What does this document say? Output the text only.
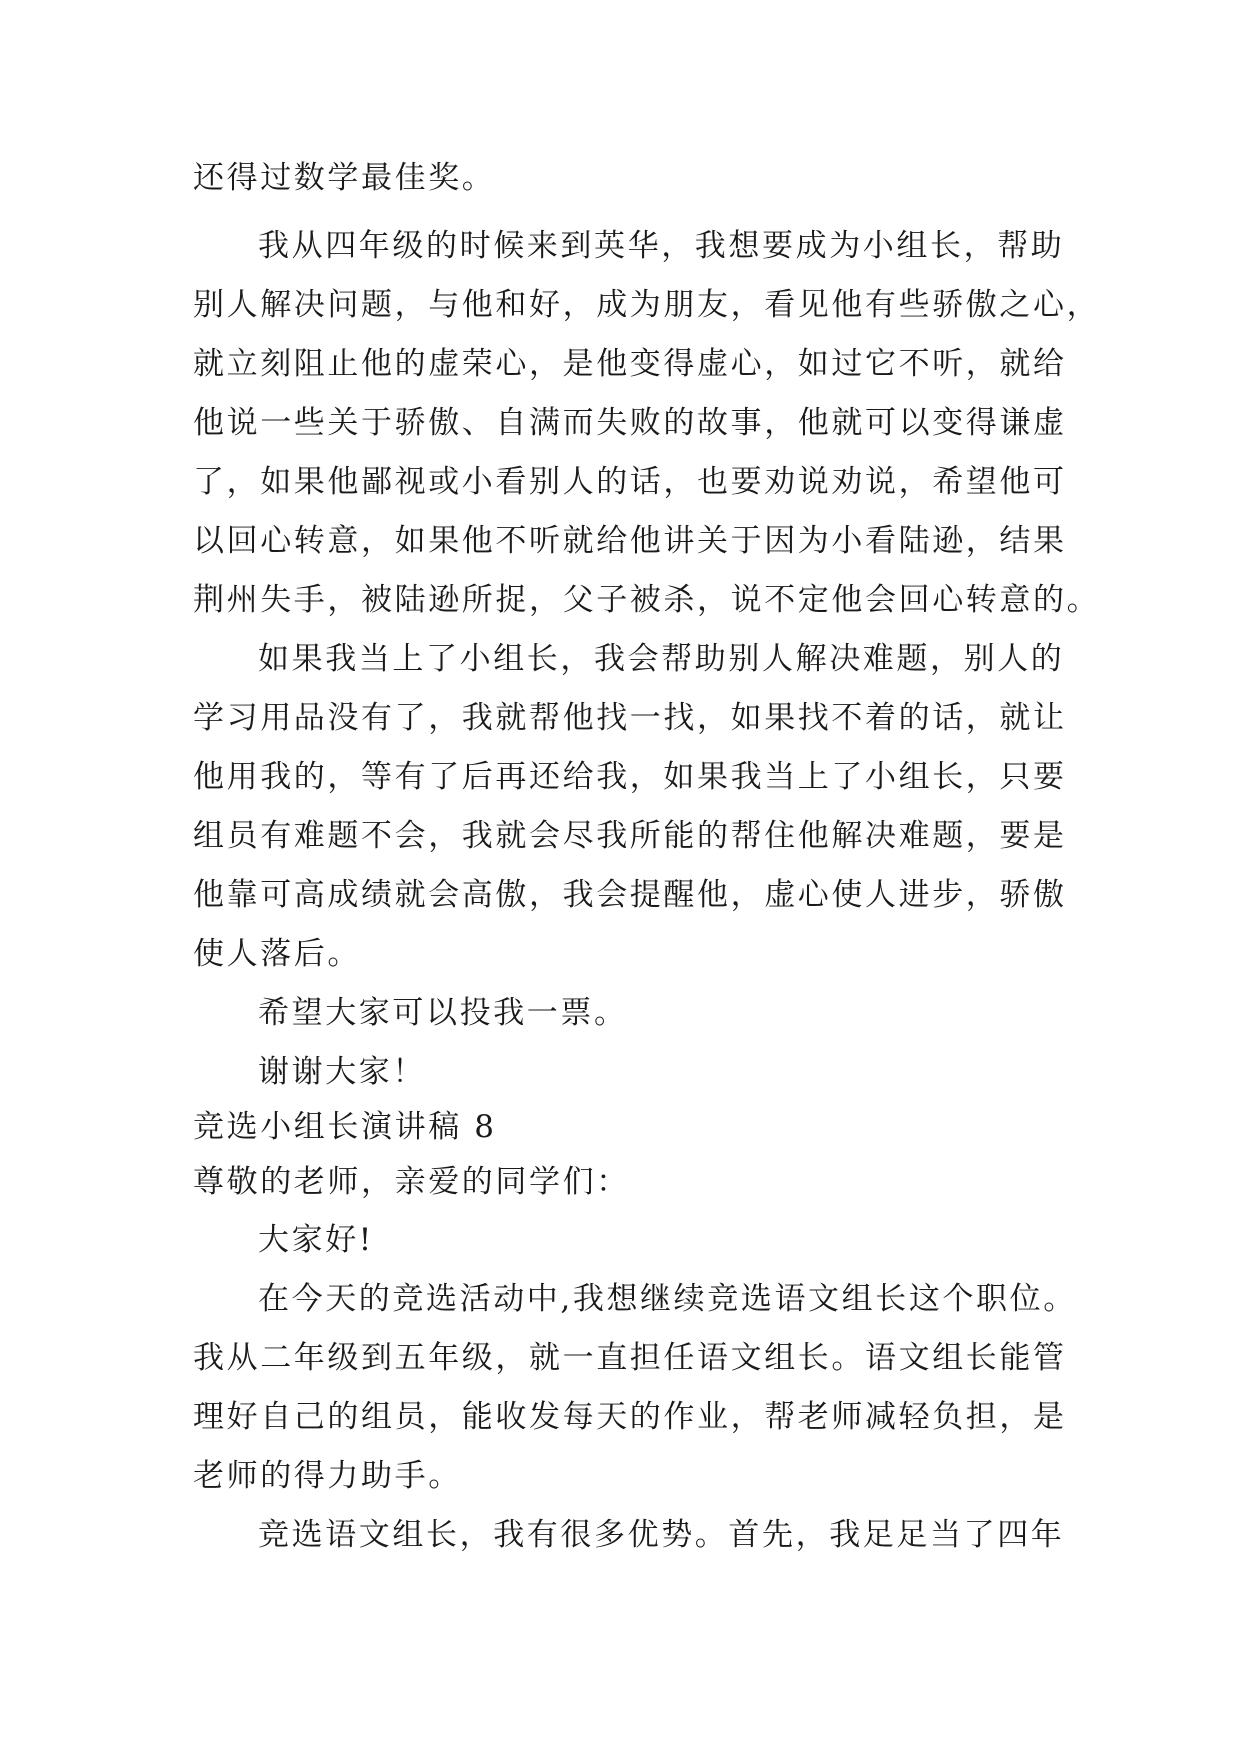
还得过数学最佳奖。
我从四年级的时候来到英华，我想要成为小组长，帮助
别人解决问题，与他和好，成为朋友，看见他有些骄傲之心，
就立刻阻止他的虚荣心，是他变得虚心，如过它不听，就给
他说一些关于骄傲、自满而失败的故事，他就可以变得谦虚
了，如果他鄙视或小看别人的话，也要劝说劝说，希望他可
以回心转意，如果他不听就给他讲关于因为小看陆逊，结果
荆州失手，被陆逊所捉，父子被杀，说不定他会回心转意的。
如果我当上了小组长，我会帮助别人解决难题，别人的
学习用品没有了，我就帮他找一找，如果找不着的话，就让
他用我的，等有了后再还给我，如果我当上了小组长，只要
组员有难题不会，我就会尽我所能的帮住他解决难题，要是
他靠可高成绩就会高傲，我会提醒他，虚心使人进步，骄傲
使人落后。
希望大家可以投我一票。
谢谢大家！
竞选小组长演讲稿 8
尊敬的老师，亲爱的同学们：
大家好!
在今天的竞选活动中,我想继续竞选语文组长这个职位。
我从二年级到五年级，就一直担任语文组长。语文组长能管
理好自己的组员，能收发每天的作业，帮老师减轻负担，是
老师的得力助手。
竞选语文组长，我有很多优势。首先，我足足当了四年
